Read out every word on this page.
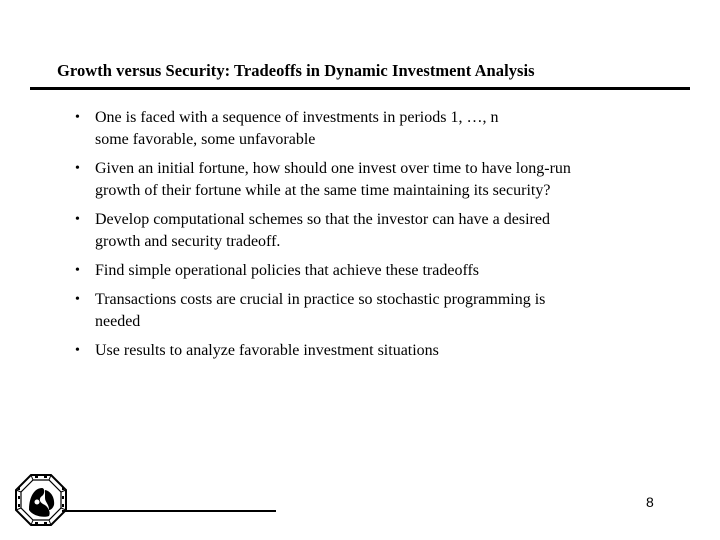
Growth versus Security: Tradeoffs in Dynamic Investment Analysis
• One is faced with a sequence of investments in periods 1, …, n
some favorable, some unfavorable
• Given an initial fortune, how should one invest over time to have long-run
growth of their fortune while at the same time maintaining its security?
• Develop computational schemes so that the investor can have a desired
growth and security tradeoff.
• Find simple operational policies that achieve these tradeoffs
• Transactions costs are crucial in practice so stochastic programming is
needed
• Use results to analyze favorable investment situations
8
